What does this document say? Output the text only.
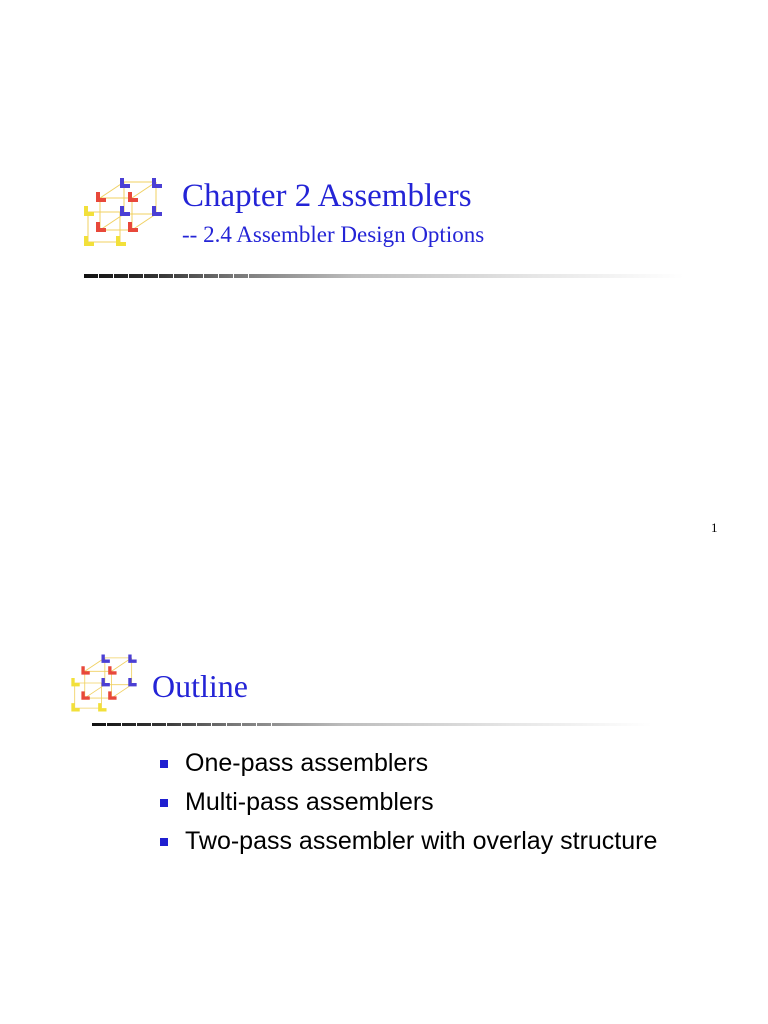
Chapter 2 Assemblers
-- 2.4 Assembler Design Options
1
Outline
One-pass assemblers
Multi-pass assemblers
Two-pass assembler with overlay structure
